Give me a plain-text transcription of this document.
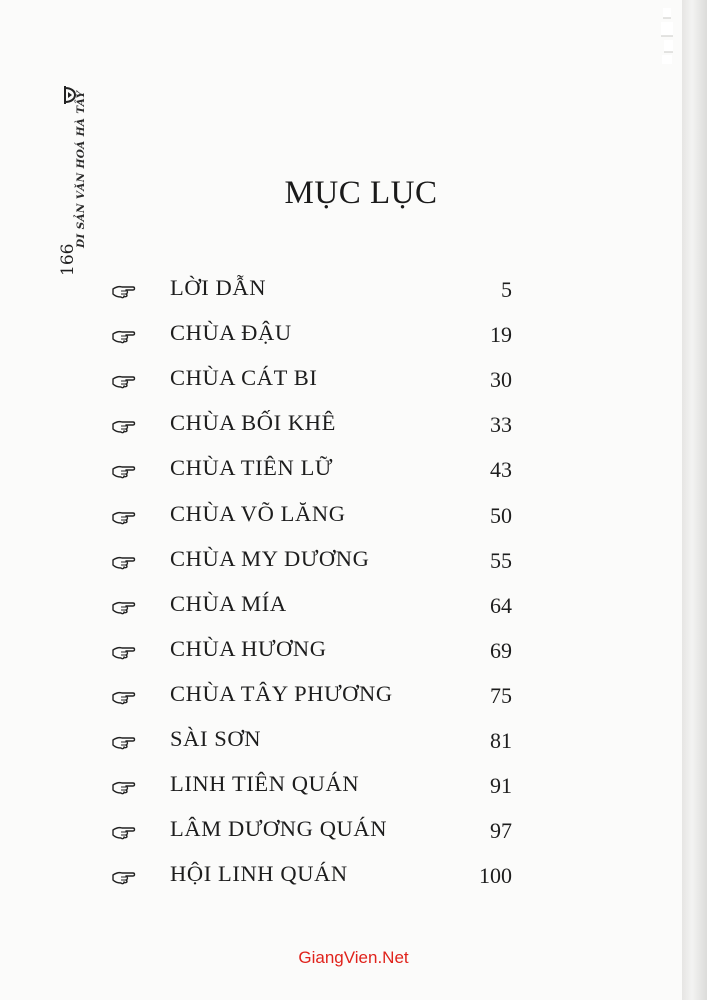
DI SẢN VĂN HOÁ HÀ TÂY
166
MỤC LỤC
LỜI DẪN	5
CHÙA ĐẬU	19
CHÙA CÁT BI	30
CHÙA BỐI KHÊ	33
CHÙA TIÊN LỮ	43
CHÙA VÕ LĂNG	50
CHÙA MY DƯƠNG	55
CHÙA MÍA	64
CHÙA HƯƠNG	69
CHÙA TÂY PHƯƠNG	75
SÀI SƠN	81
LINH TIÊN QUÁN	91
LÂM DƯƠNG QUÁN	97
HỘI LINH QUÁN	100
GiangVien.Net
